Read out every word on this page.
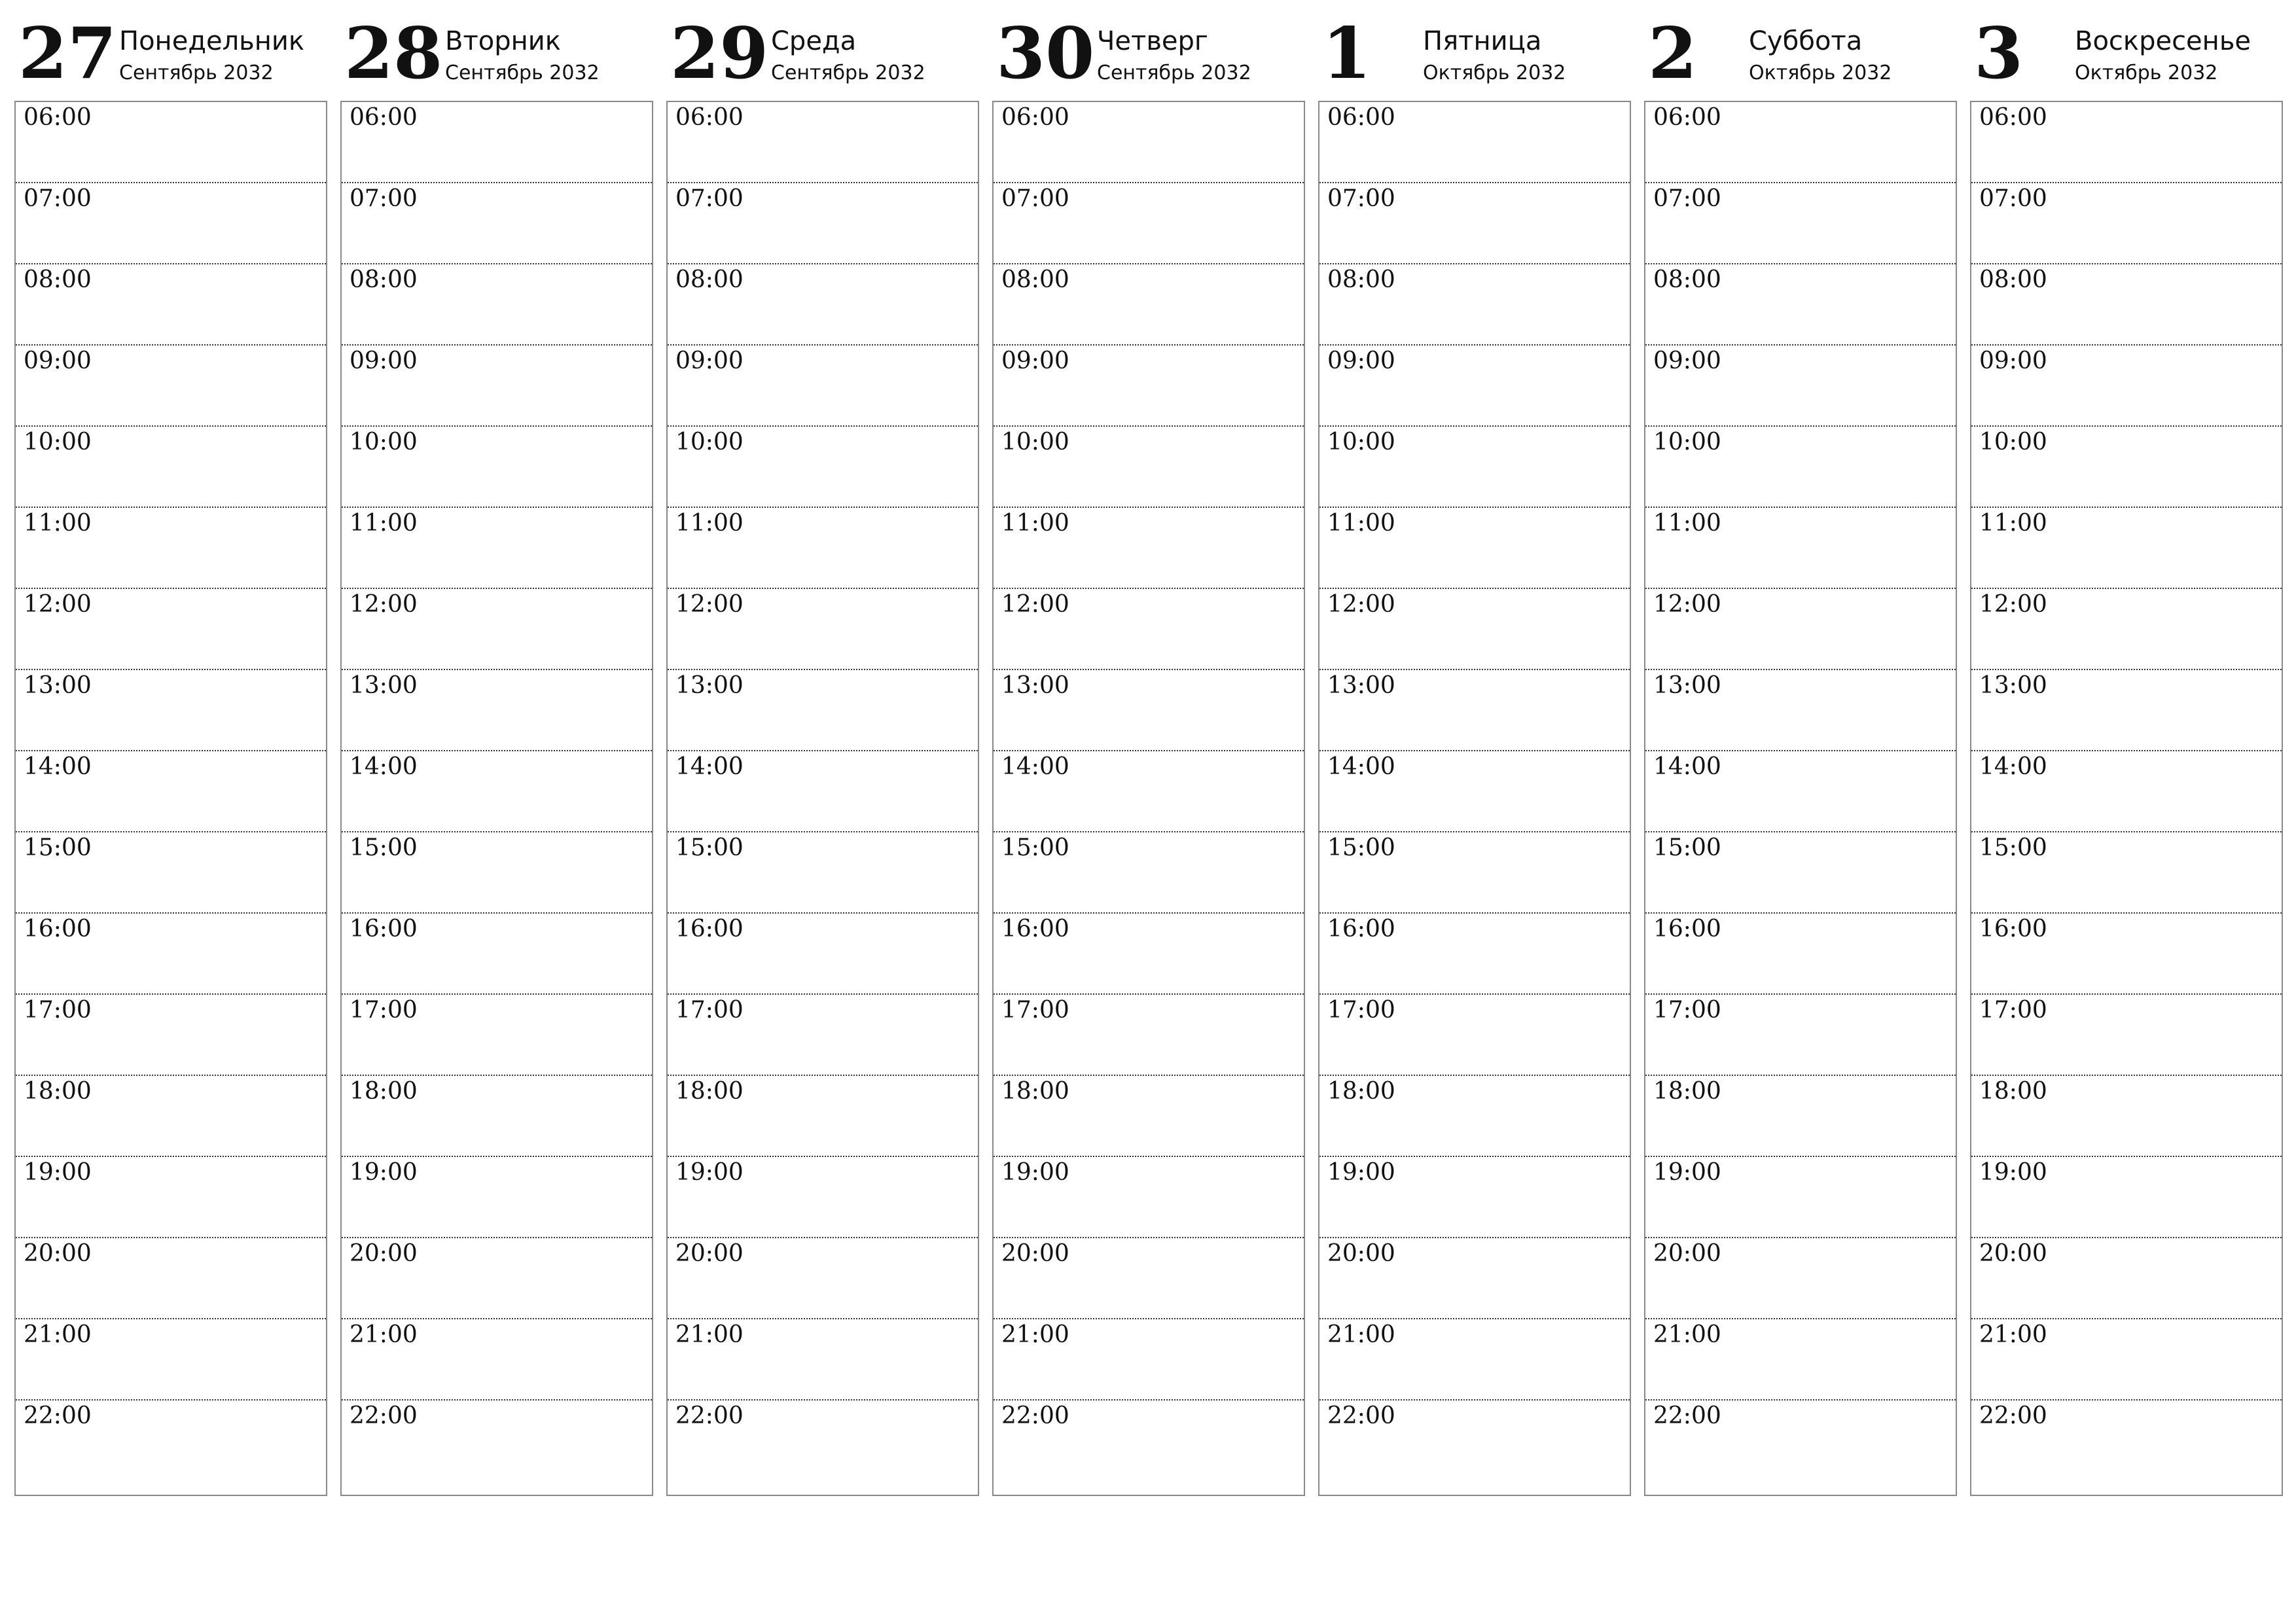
27 Понедельник
Сентябрь 2032
06:00
07:00
08:00
09:00
10:00
11:00
12:00
13:00
14:00
15:00
16:00
17:00
18:00
19:00
20:00
21:00
22:00
28 Вторник
Сентябрь 2032
06:00
07:00
08:00
09:00
10:00
11:00
12:00
13:00
14:00
15:00
16:00
17:00
18:00
19:00
20:00
21:00
22:00
29 Среда
Сентябрь 2032
06:00
07:00
08:00
09:00
10:00
11:00
12:00
13:00
14:00
15:00
16:00
17:00
18:00
19:00
20:00
21:00
22:00
30 Четверг
Сентябрь 2032
06:00
07:00
08:00
09:00
10:00
11:00
12:00
13:00
14:00
15:00
16:00
17:00
18:00
19:00
20:00
21:00
22:00
1 Пятница
Октябрь 2032
06:00
07:00
08:00
09:00
10:00
11:00
12:00
13:00
14:00
15:00
16:00
17:00
18:00
19:00
20:00
21:00
22:00
2 Суббота
Октябрь 2032
06:00
07:00
08:00
09:00
10:00
11:00
12:00
13:00
14:00
15:00
16:00
17:00
18:00
19:00
20:00
21:00
22:00
3 Воскресенье
Октябрь 2032
06:00
07:00
08:00
09:00
10:00
11:00
12:00
13:00
14:00
15:00
16:00
17:00
18:00
19:00
20:00
21:00
22:00
